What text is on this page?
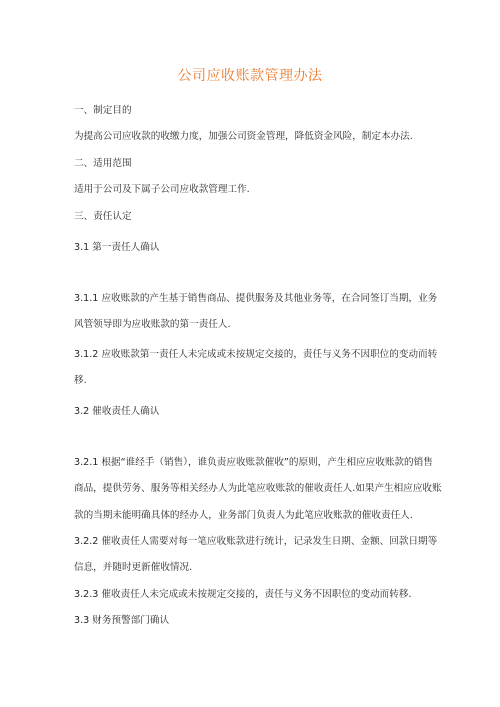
公司应收账款管理办法
一、制定目的
为提高公司应收款的收缴力度，加强公司资金管理，降低资金风险，制定本办法.
二、适用范围
适用于公司及下属子公司应收款管理工作.
三、责任认定
3.1 第一责任人确认
3.1.1 应收账款的产生基于销售商品、提供服务及其他业务等，在合同签订当期，业务
风管领导即为应收账款的第一责任人.
3.1.2 应收账款第一责任人未完成或未按规定交接的，责任与义务不因职位的变动而转
移.
3.2 催收责任人确认
3.2.1 根据“谁经手（销售），谁负责应收账款催收”的原则，产生相应应收账款的销售
商品，提供劳务、服务等相关经办人为此笔应收账款的催收责任人.如果产生相应应收账
款的当期未能明确具体的经办人，业务部门负责人为此笔应收账款的催收责任人.
3.2.2 催收责任人需要对每一笔应收账款进行统计，记录发生日期、金额、回款日期等
信息，并随时更新催收情况.
3.2.3 催收责任人未完成或未按规定交接的，责任与义务不因职位的变动而转移.
3.3 财务预警部门确认
